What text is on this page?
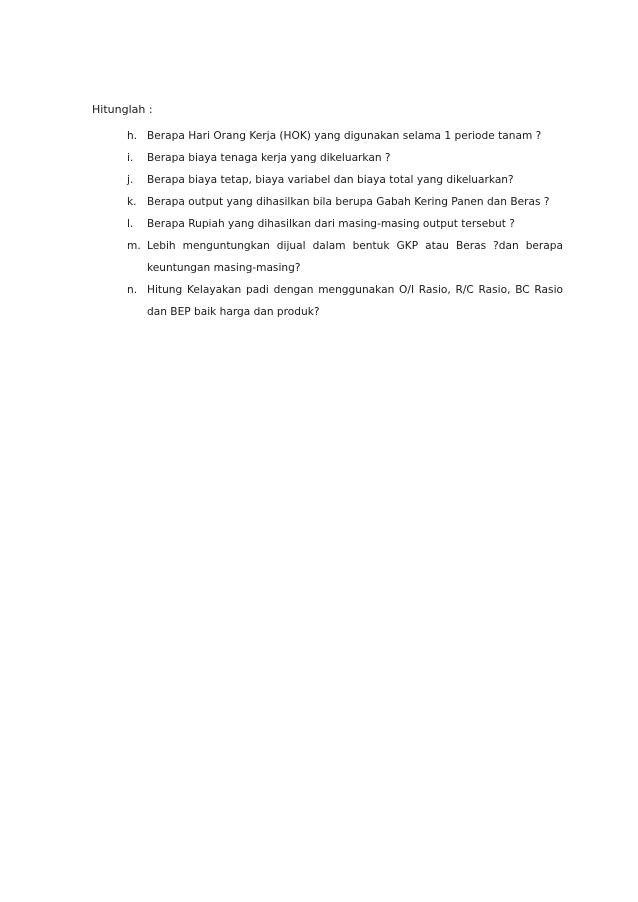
Hitunglah :
h. Berapa Hari Orang Kerja (HOK) yang digunakan selama 1 periode tanam ?
i.	Berapa biaya tenaga kerja yang dikeluarkan ?
j.	Berapa biaya tetap, biaya variabel dan biaya total yang dikeluarkan?
k. Berapa output yang dihasilkan bila berupa Gabah Kering Panen dan Beras ?
l.	Berapa Rupiah yang dihasilkan dari masing-masing output tersebut ?
m. Lebih menguntungkan dijual dalam bentuk GKP atau Beras ?dan berapa keuntungan masing-masing?
n. Hitung Kelayakan padi dengan menggunakan O/I Rasio, R/C Rasio, BC Rasio dan BEP baik harga dan produk?
